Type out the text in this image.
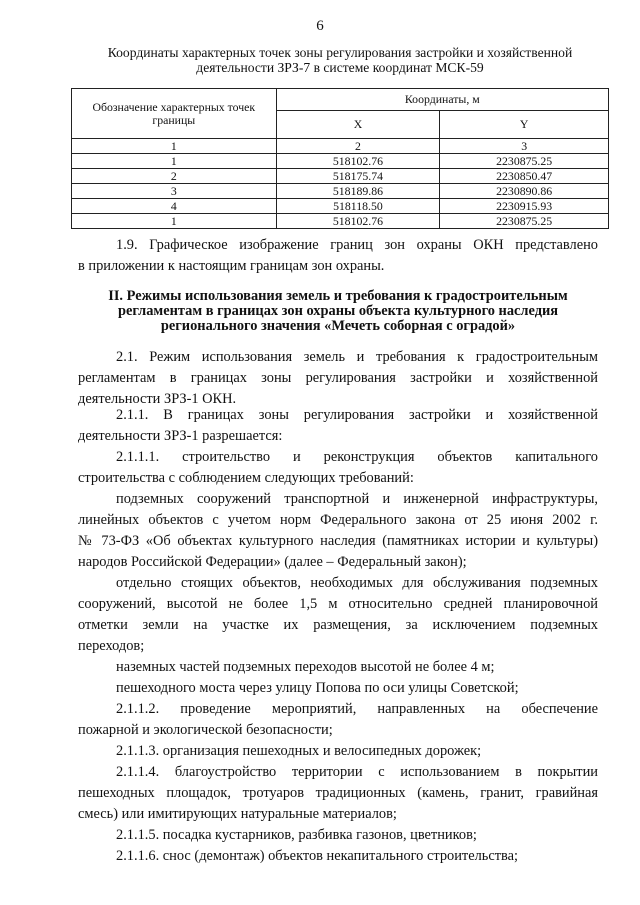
6
Координаты характерных точек зоны регулирования застройки и хозяйственной
деятельности ЗРЗ-7 в системе координат МСК-59
Обозначение характерных точек
границы	Координаты, м	
	X	Y
1	2	3
1	518102.76	2230875.25
2	518175.74	2230850.47
3	518189.86	2230890.86
4	518118.50	2230915.93
1	518102.76	2230875.25
1.9. Графическое изображение границ зон охраны ОКН представлено
в приложении к настоящим границам зон охраны.
II. Режимы использования земель и требования к градостроительным
регламентам в границах зон охраны объекта культурного наследия
регионального значения «Мечеть соборная с оградой»
2.1. Режим использования земель и требования к градостроительным
регламентам в границах зоны регулирования застройки и хозяйственной
деятельности ЗРЗ-1 ОКН.
2.1.1. В границах зоны регулирования застройки и хозяйственной
деятельности ЗРЗ-1 разрешается:
2.1.1.1. строительство и реконструкция объектов капитального
строительства с соблюдением следующих требований:
подземных сооружений транспортной и инженерной инфраструктуры,
линейных объектов с учетом норм Федерального закона от 25 июня 2002 г.
№ 73-ФЗ «Об объектах культурного наследия (памятниках истории и культуры)
народов Российской Федерации» (далее – Федеральный закон);
отдельно стоящих объектов, необходимых для обслуживания подземных
сооружений, высотой не более 1,5 м относительно средней планировочной
отметки земли на участке их размещения, за исключением подземных
переходов;
наземных частей подземных переходов высотой не более 4 м;
пешеходного моста через улицу Попова по оси улицы Советской;
2.1.1.2. проведение мероприятий, направленных на обеспечение
пожарной и экологической безопасности;
2.1.1.3. организация пешеходных и велосипедных дорожек;
2.1.1.4. благоустройство территории с использованием в покрытии
пешеходных площадок, тротуаров традиционных (камень, гранит, гравийная
смесь) или имитирующих натуральные материалов;
2.1.1.5. посадка кустарников, разбивка газонов, цветников;
2.1.1.6. снос (демонтаж) объектов некапитального строительства;
